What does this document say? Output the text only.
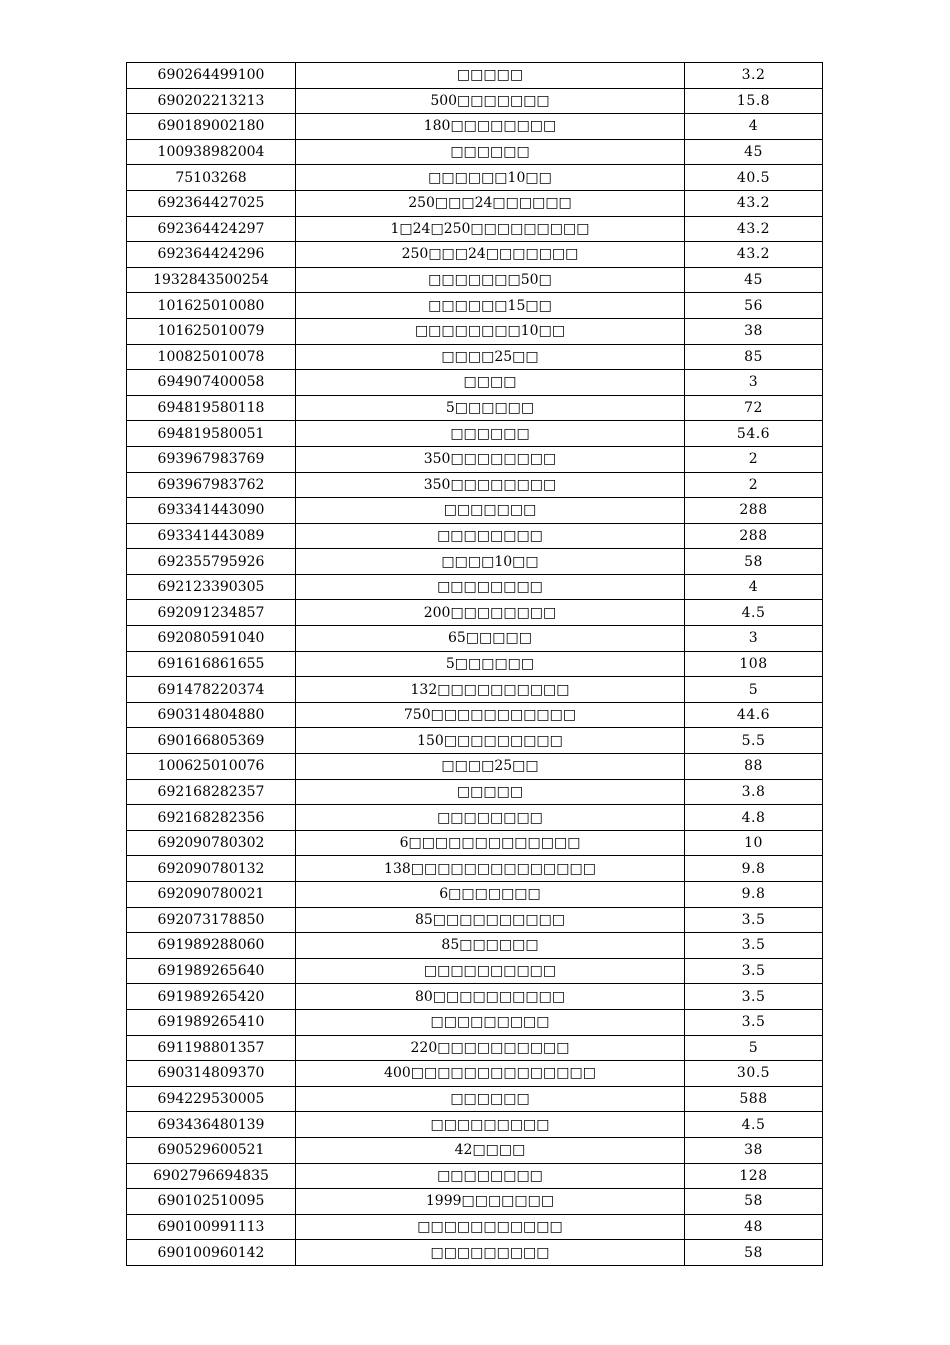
690264499100	□□□□□	3.2
690202213213	500□□□□□□□	15.8
690189002180	180□□□□□□□□	4
100938982004	□□□□□□	45
75103268	□□□□□□10□□	40.5
692364427025	250□□□24□□□□□□	43.2
692364424297	1□24□250□□□□□□□□□	43.2
692364424296	250□□□24□□□□□□□	43.2
1932843500254	□□□□□□□50□	45
101625010080	□□□□□□15□□	56
101625010079	□□□□□□□□10□□	38
100825010078	□□□□25□□	85
694907400058	□□□□	3
694819580118	5□□□□□□	72
694819580051	□□□□□□	54.6
693967983769	350□□□□□□□□	2
693967983762	350□□□□□□□□	2
693341443090	□□□□□□□	288
693341443089	□□□□□□□□	288
692355795926	□□□□10□□	58
692123390305	□□□□□□□□	4
692091234857	200□□□□□□□□	4.5
692080591040	65□□□□□	3
691616861655	5□□□□□□	108
691478220374	132□□□□□□□□□□	5
690314804880	750□□□□□□□□□□□	44.6
690166805369	150□□□□□□□□□	5.5
100625010076	□□□□25□□	88
692168282357	□□□□□	3.8
692168282356	□□□□□□□□	4.8
692090780302	6□□□□□□□□□□□□□	10
692090780132	138□□□□□□□□□□□□□□	9.8
692090780021	6□□□□□□□	9.8
692073178850	85□□□□□□□□□□	3.5
691989288060	85□□□□□□	3.5
691989265640	□□□□□□□□□□	3.5
691989265420	80□□□□□□□□□□	3.5
691989265410	□□□□□□□□□	3.5
691198801357	220□□□□□□□□□□	5
690314809370	400□□□□□□□□□□□□□□	30.5
694229530005	□□□□□□	588
693436480139	□□□□□□□□□	4.5
690529600521	42□□□□	38
6902796694835	□□□□□□□□	128
690102510095	1999□□□□□□□	58
690100991113	□□□□□□□□□□□	48
690100960142	□□□□□□□□□	58
